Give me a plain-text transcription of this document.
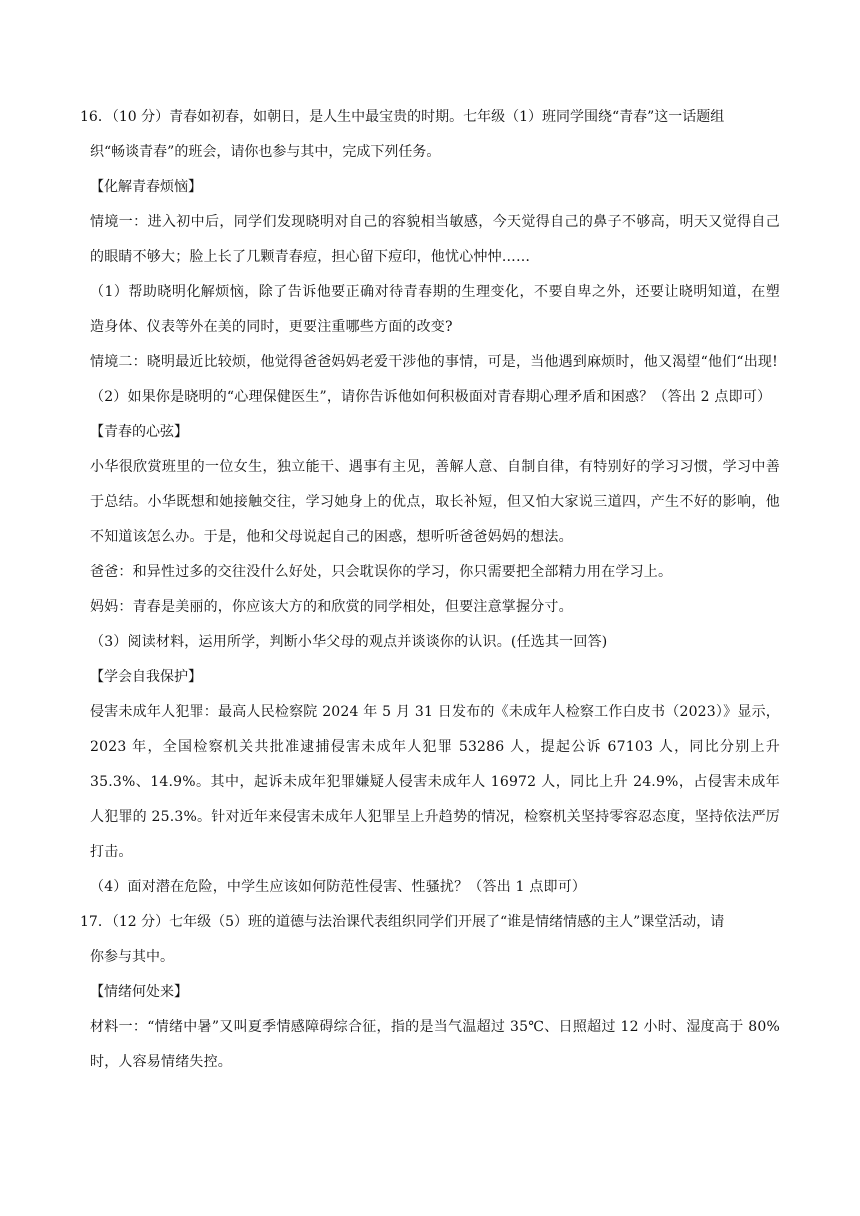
16．（10 分）青春如初春，如朝日，是人生中最宝贵的时期。七年级（1）班同学围绕“青春”这一话题组
织“畅谈青春”的班会，请你也参与其中，完成下列任务。
【化解青春烦恼】
情境一：进入初中后，同学们发现晓明对自己的容貌相当敏感，今天觉得自己的鼻子不够高，明天又觉得自己的眼睛不够大；脸上长了几颗青春痘，担心留下痘印，他忧心忡忡……
（1）帮助晓明化解烦恼，除了告诉他要正确对待青春期的生理变化，不要自卑之外，还要让晓明知道，在塑造身体、仪表等外在美的同时，更要注重哪些方面的改变?
情境二：晓明最近比较烦，他觉得爸爸妈妈老爱干涉他的事情，可是，当他遇到麻烦时，他又渴望“他们“出现!
（2）如果你是晓明的“心理保健医生”，请你告诉他如何积极面对青春期心理矛盾和困惑？（答出 2 点即可）
【青春的心弦】
小华很欣赏班里的一位女生，独立能干、遇事有主见，善解人意、自制自律，有特别好的学习习惯，学习中善于总结。小华既想和她接触交往，学习她身上的优点，取长补短，但又怕大家说三道四，产生不好的影响，他不知道该怎么办。于是，他和父母说起自己的困惑，想听听爸爸妈妈的想法。
爸爸：和异性过多的交往没什么好处，只会耽误你的学习，你只需要把全部精力用在学习上。
妈妈：青春是美丽的，你应该大方的和欣赏的同学相处，但要注意掌握分寸。
（3）阅读材料，运用所学，判断小华父母的观点并谈谈你的认识。(任选其一回答)
【学会自我保护】
侵害未成年人犯罪：最高人民检察院 2024 年 5 月 31 日发布的《未成年人检察工作白皮书（2023）》显示，2023 年，全国检察机关共批准逮捕侵害未成年人犯罪 53286 人，提起公诉 67103 人，同比分别上升 35.3%、14.9%。其中，起诉未成年犯罪嫌疑人侵害未成年人 16972 人，同比上升 24.9%，占侵害未成年人犯罪的 25.3%。针对近年来侵害未成年人犯罪呈上升趋势的情况，检察机关坚持零容忍态度，坚持依法严厉打击。
（4）面对潜在危险，中学生应该如何防范性侵害、性骚扰？（答出 1 点即可）
17．（12 分）七年级（5）班的道德与法治课代表组织同学们开展了“谁是情绪情感的主人”课堂活动，请
你参与其中。
【情绪何处来】
材料一：“情绪中暑”又叫夏季情感障碍综合征，指的是当气温超过 35℃、日照超过 12 小时、湿度高于 80%时，人容易情绪失控。
